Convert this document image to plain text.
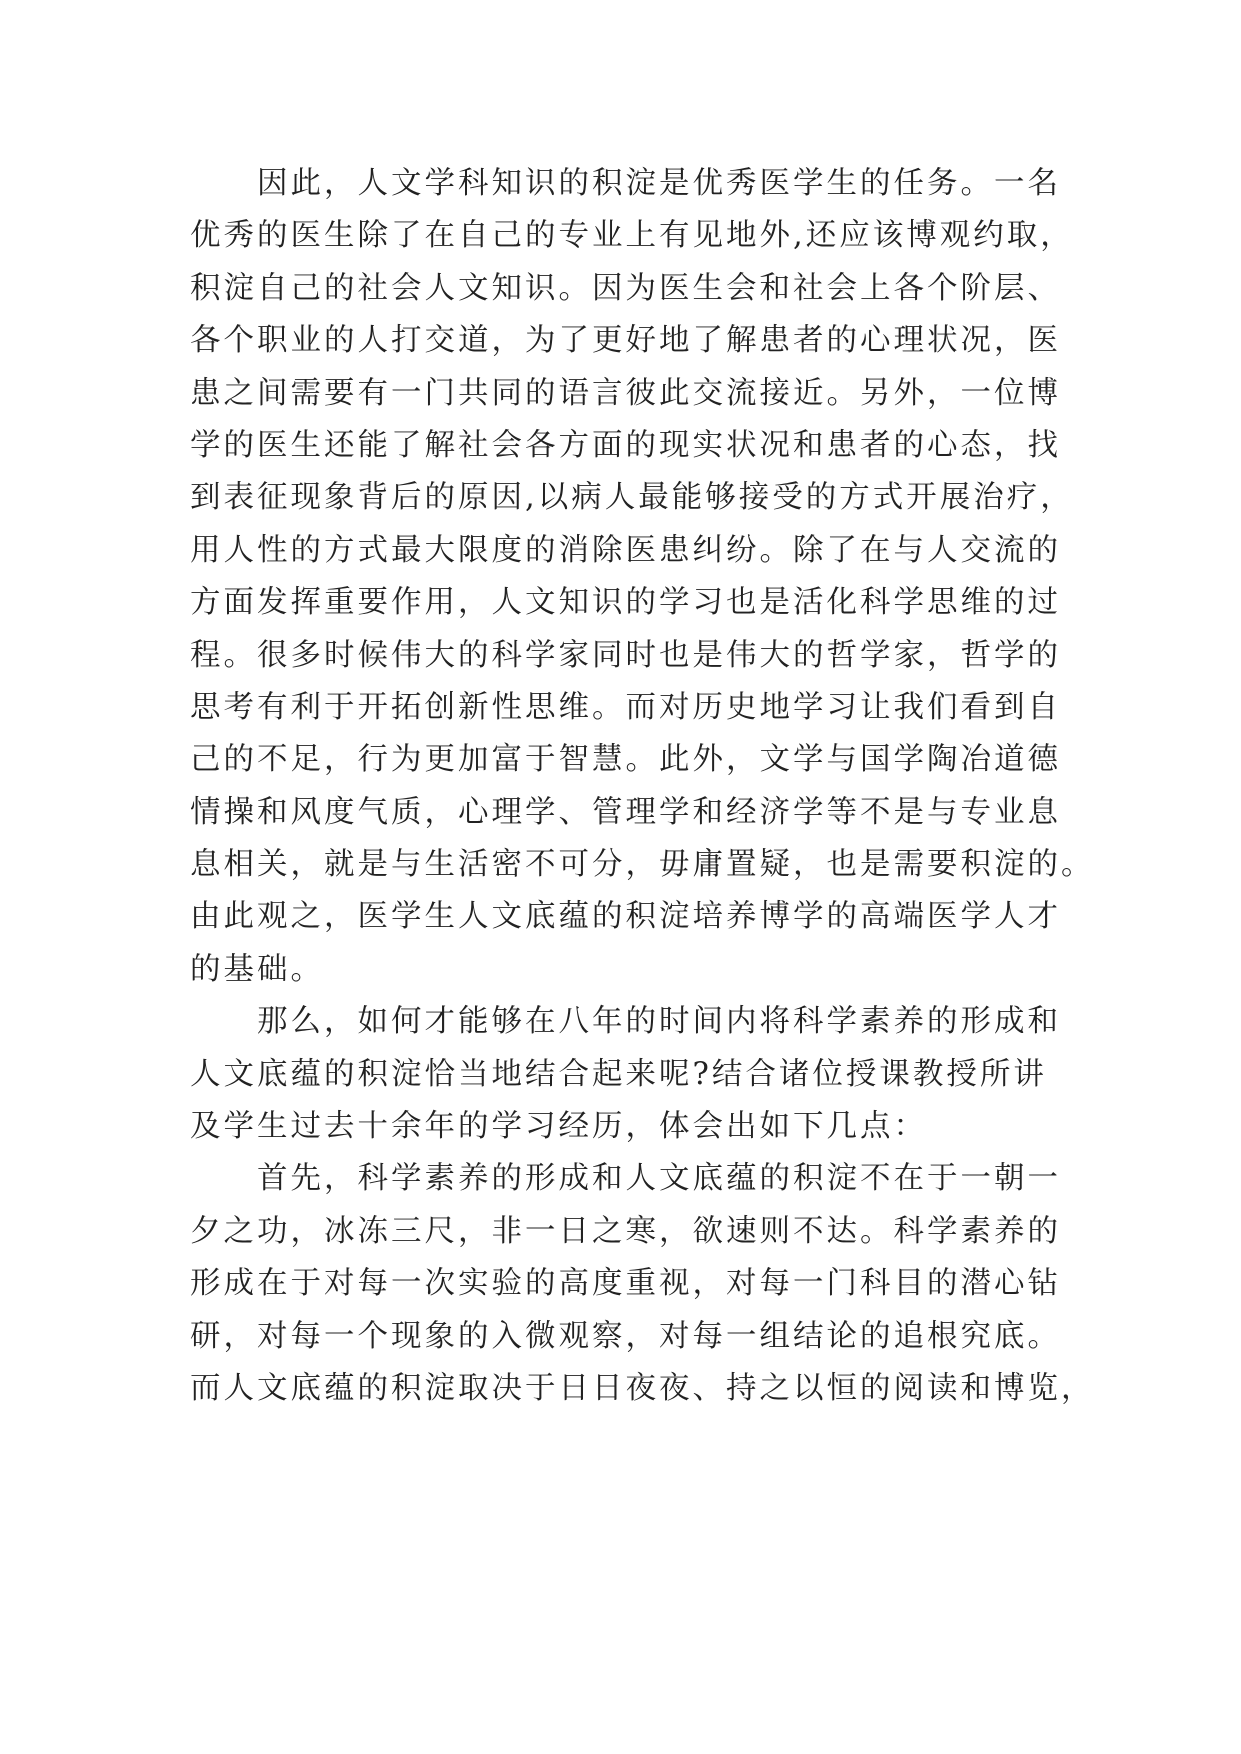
因此，人文学科知识的积淀是优秀医学生的任务。一名
优秀的医生除了在自己的专业上有见地外,还应该博观约取，
积淀自己的社会人文知识。因为医生会和社会上各个阶层、
各个职业的人打交道，为了更好地了解患者的心理状况，医
患之间需要有一门共同的语言彼此交流接近。另外，一位博
学的医生还能了解社会各方面的现实状况和患者的心态，找
到表征现象背后的原因,以病人最能够接受的方式开展治疗，
用人性的方式最大限度的消除医患纠纷。除了在与人交流的
方面发挥重要作用，人文知识的学习也是活化科学思维的过
程。很多时候伟大的科学家同时也是伟大的哲学家，哲学的
思考有利于开拓创新性思维。而对历史地学习让我们看到自
己的不足，行为更加富于智慧。此外，文学与国学陶冶道德
情操和风度气质，心理学、管理学和经济学等不是与专业息
息相关，就是与生活密不可分，毋庸置疑，也是需要积淀的。
由此观之，医学生人文底蕴的积淀培养博学的高端医学人才
的基础。
那么，如何才能够在八年的时间内将科学素养的形成和
人文底蕴的积淀恰当地结合起来呢?结合诸位授课教授所讲
及学生过去十余年的学习经历，体会出如下几点：
首先，科学素养的形成和人文底蕴的积淀不在于一朝一
夕之功，冰冻三尺，非一日之寒，欲速则不达。科学素养的
形成在于对每一次实验的高度重视，对每一门科目的潜心钻
研，对每一个现象的入微观察，对每一组结论的追根究底。
而人文底蕴的积淀取决于日日夜夜、持之以恒的阅读和博览，
